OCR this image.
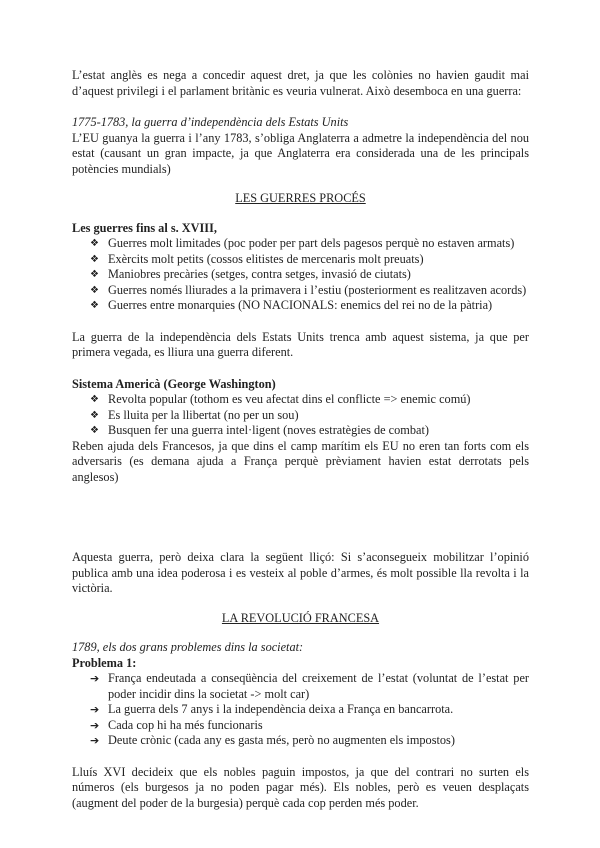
L’estat anglès es nega a concedir aquest dret, ja que les colònies no havien gaudit mai d’aquest privilegi i el parlament britànic es veuria vulnerat. Això desemboca en una guerra:

1775-1783, la guerra d’independència dels Estats Units

L’EU guanya la guerra i l’any 1783, s’obliga Anglaterra a admetre la independència del nou estat (causant un gran impacte, ja que Anglaterra era considerada una de les principals potències mundials)

LES GUERRES PROCÉS

Les guerres fins al s. XVIII,

❖ Guerres molt limitades (poc poder per part dels pagesos perquè no estaven armats)
❖ Exèrcits molt petits (cossos elitistes de mercenaris molt preuats)
❖ Maniobres precàries (setges, contra setges, invasió de ciutats)
❖ Guerres només lliurades a la primavera i l’estiu (posteriorment es realitzaven acords)
❖ Guerres entre monarquies (NO NACIONALS: enemics del rei no de la pàtria)

La guerra de la independència dels Estats Units trenca amb aquest sistema, ja que per primera vegada, es lliura una guerra diferent.

Sistema Americà (George Washington)

❖ Revolta popular (tothom es veu afectat dins el conflicte => enemic comú)
❖ Es lluita per la llibertat (no per un sou)
❖ Busquen fer una guerra intel·ligent (noves estratègies de combat)

Reben ajuda dels Francesos, ja que dins el camp marítim els EU no eren tan forts com els adversaris (es demana ajuda a França perquè prèviament havien estat derrotats pels anglesos)

Aquesta guerra, però deixa clara la següent lliçó: Si s’aconsegueix mobilitzar l’opinió publica amb una idea poderosa i es vesteix al poble d’armes, és molt possible lla revolta i la victòria.

LA REVOLUCIÓ FRANCESA

1789, els dos grans problemes dins la societat:

Problema 1:

➔ França endeutada a conseqüència del creixement de l’estat (voluntat de l’estat per poder incidir dins la societat -> molt car)
➔ La guerra dels 7 anys i la independència deixa a França en bancarrota.
➔ Cada cop hi ha més funcionaris
➔ Deute crònic (cada any es gasta més, però no augmenten els impostos)

Lluís XVI decideix que els nobles paguin impostos, ja que del contrari no surten els números (els burgesos ja no poden pagar més). Els nobles, però es veuen desplaçats (augment del poder de la burgesia) perquè cada cop perden més poder.
